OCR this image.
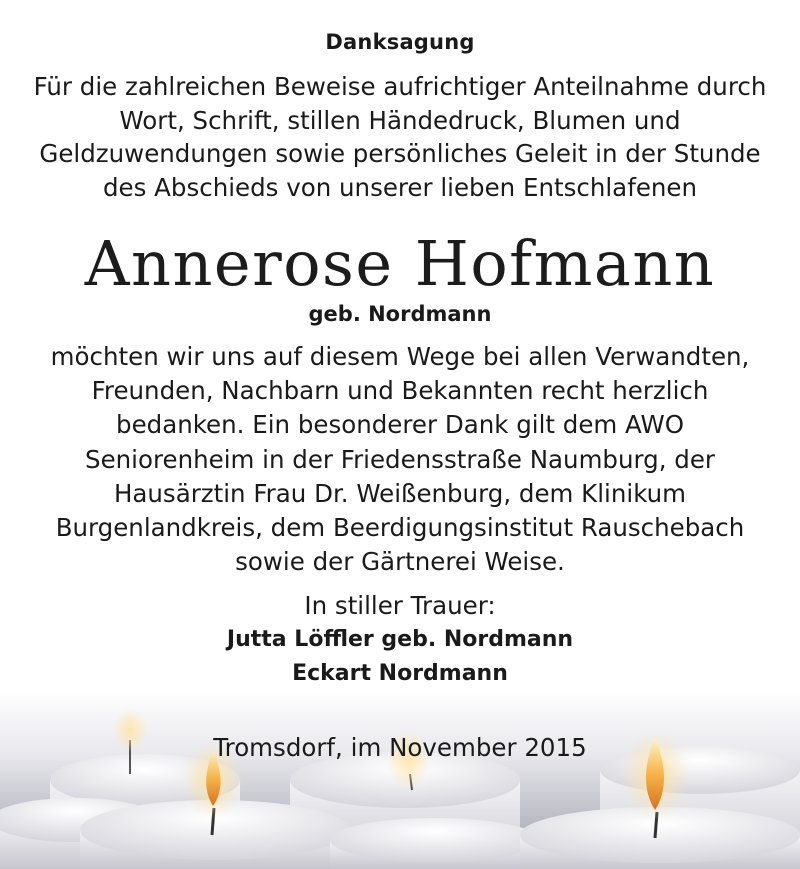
Danksagung
Für die zahlreichen Beweise aufrichtiger Anteilnahme durch
Wort, Schrift, stillen Händedruck, Blumen und
Geldzuwendungen sowie persönliches Geleit in der Stunde
des Abschieds von unserer lieben Entschlafenen
Annerose Hofmann
geb. Nordmann
möchten wir uns auf diesem Wege bei allen Verwandten,
Freunden, Nachbarn und Bekannten recht herzlich
bedanken. Ein besonderer Dank gilt dem AWO
Seniorenheim in der Friedensstraße Naumburg, der
Hausärztin Frau Dr. Weißenburg, dem Klinikum
Burgenlandkreis, dem Beerdigungsinstitut Rauschebach
sowie der Gärtnerei Weise.
In stiller Trauer:
Jutta Löffler geb. Nordmann
Eckart Nordmann
Tromsdorf, im November 2015
